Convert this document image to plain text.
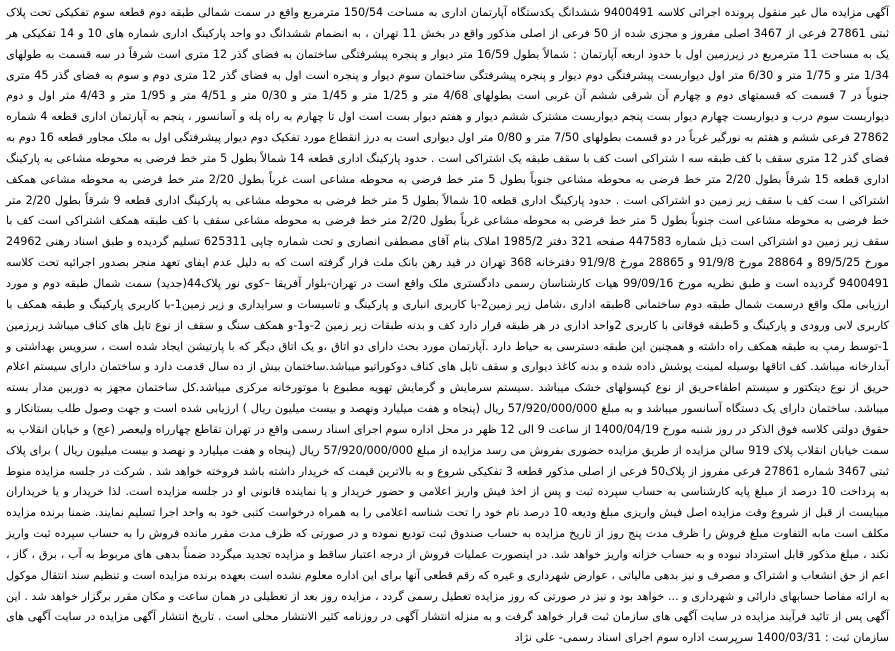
آگهی مزایده مال غیر منقول پرونده اجرائی کلاسه 9400491 ششدانگ یکدستگاه آپارتمان اداری به مساحت 150/54 مترمربع واقع در سمت شمالی طبقه دوم قطعه سوم تفکیکی تحت پلاک ثبتی 27861 فرعی از 3467 اصلی مفروز و مجزی شده از 50 فرعی از اصلی مذکور واقع در بخش 11 تهران ، به انضمام ششدانگ دو واحد پارکینگ اداری شماره های 10 و 14 تفکیکی هر یک به مساحت 11 مترمربع در زیرزمین اول با حدود اربعه آپارتمان : شمالاً بطول 16/59 متر دیوار و پنجره پیشرفتگی ساختمان به فضای گذر 12 متری است شرقاً در سه قسمت به طولهای 1/34 متر و 1/75 متر و 6/30 متر اول دیواربست پیشرفتگی دوم دیوار و پنجره پیشرفتگی ساختمان سوم دیوار و پنجره است اول به فضای گذر 12 متری دوم و سوم به فضای گذر 45 متری جنوباً در 7 قسمت که قسمتهای دوم و چهارم آن شرقی ششم آن غربی است بطولهای 4/68 متر و 1/25 متر و 1/45 متر و 0/30 متر و 4/51 متر و 1/95 متر و 4/43 متر اول و دوم دیواربست سوم درب و دیواربست چهارم دیوار بست پنجم دیواربست مشترک ششم دیوار و هفتم دیوار بست است اول تا چهارم به راه پله و آسانسور ، پنجم به آپارتمان اداری قطعه 4 شماره 27862 فرعی ششم و هفتم به نورگیر غرباً در دو قسمت بطولهای 7/50 متر و 0/80 متر اول دیواری است به درز انقطاع مورد تفکیک دوم دیوار پیشرفتگی اول به ملک مجاور قطعه 16 دوم به فضای گذر 12 متری سقف با کف طبقه سه ا شتراکی است کف با سقف طبقه یک اشتراکی است . حدود پارکینگ اداری قطعه 14 شمالاً بطول 5 متر خط فرضی به محوطه مشاعی به پارکینگ اداری قطعه 15 شرقاً بطول 2/20 متر خط فرضی به محوطه مشاعی جنوباً بطول 5 متر خط فرضی به محوطه مشاعی است غرباً بطول 2/20 متر خط فرضی به محوطه مشاعی همکف اشتراکی ا ست کف با سقف زیر زمین دو اشتراکی است . حدود پارکینگ اداری قطعه 10 شمالاً بطول 5 متر خط فرضی به محوطه مشاعی به پارکینگ اداری قطعه 9 شرقاً بطول 2/20 متر خط فرضی به محوطه مشاعی است جنوباً بطول 5 متر خط فرضی به محوطه مشاعی غرباً بطول 2/20 متر خط فرضی به محوطه مشاعی سقف با کف طبقه همکف اشتراکی است کف با سقف زیر زمین دو اشتراکی است ذیل شماره 447583 صفحه 321 دفتر 1985/2 املاک بنام آقای مصطفی انصاری و تحت شماره چاپی 625311 تسلیم گردیده و طبق اسناد رهنی 24962 مورخ 89/5/25 و 28864 مورخ 91/9/8 و 28865 مورخ 91/9/8 دفترخانه 368 تهران در قید رهن بانک ملت قرار گرفته است که به دلیل عدم ایفای تعهد منجر بصدور اجرائیه تحت کلاسه 9400491 گردیده است و طبق نظریه مورخ 99/09/16 هیات کارشناسان رسمی دادگستری ملک واقع است در تهران-بلوار آفریقا –کوی نور پلاک44(جدید) سمت شمال طبقه دوم و مورد ارزیابی ملک واقع درسمت شمال طبقه دوم ساختمانی 8طبقه اداری ،شامل زیر زمین2-با کاربری انباری و پارکینگ و تاسیسات و سرایداری و زیر زمین1-با کاربری پارکینگ و طبقه همکف با کاربری لابی ورودی و پارکینگ و 5طبقه فوقانی با کاربری 2واحد اداری در هر طبقه قرار دارد کف و بدنه طبقات زیر زمین 2-و1-و همکف سنگ و سقف از نوع تایل های کناف میباشد زیرزمین 1-توسط رمپ به طبقه همکف راه داشته و همچنین این طبقه دسترسی به حیاط دارد .آپارتمان مورد بحث دارای دو اتاق ،و یک اتاق دیگر که با پارتیشن ایجاد شده است ، سرویس بهداشتی و آبدارخانه میباشد. کف اتاقها بوسیله لمینت پوشش داده شده و بدنه کاغذ دیواری و سقف تایل های کناف دوکوراتیو میباشد.ساختمان بیش از ده سال قدمت دارد و ساختمان دارای سیستم اعلام حریق از نوع دیتکتور و سیستم اطفاءحریق از نوع کپسولهای خشک میباشد .سیستم سرمایش و گرمایش تهویه مطبوع با موتورخانه مرکزی میباشد.کل ساختمان مجهز به دوربین مدار بسته میباشد. ساختمان دارای یک دستگاه آسانسور میباشد و به مبلغ 57/920/000/000 ریال (پنجاه و هفت میلیارد ونهصد و بیست میلیون ریال ) ارزیابی شده است و جهت وصول طلب بستانکار و حقوق دولتی کلاسه فوق الذکر در روز شنبه مورخ 1400/04/19 از ساعت 9 الی 12 ظهر در محل اداره سوم اجرای اسناد رسمی واقع در تهران تقاطع چهارراه ولیعصر (عج) و خیابان انقلاب به سمت خیابان انقلاب پلاک 919 سالن مزایده از طریق مزایده حضوری بفروش می رسد مزایده از مبلغ 57/920/000/000 ریال (پنجاه و هفت میلیارد و نهصد و بیست میلیون ریال ) برای پلاک ثبتی 3467 شماره 27861 فرعی مفروز از پلاک50 فرعی از اصلی مذکور قطعه 3 تفکیکی شروع و به بالاترین قیمت که خریدار داشته باشد فروخته خواهد شد . شرکت در جلسه مزایده منوط به پرداخت 10 درصد از مبلغ پایه کارشناسی به حساب سپرده ثبت و پس از اخذ فیش واریز اعلامی و حضور خریدار و یا نماینده قانونی او در جلسه مزایده است. لذا خریدار و یا خریداران میبایست از قبل از شروع وقت مزایده اصل فیش واریزی مبلغ ودیعه 10 درصد نام خود را تحت شناسه اعلامی را به همراه درخواست کتبی خود به واحد اجرا تسلیم نمایند. ضمنا برنده مزایده مکلف است مابه التفاوت مبلغ فروش را ظرف مدت پنج روز از تاریخ مزایده به حساب صندوق ثبت تودیع نموده و در صورتی که ظرف مدت مقرر مانده فروش را به حساب سپرده ثبت واریز نکند ، مبلغ مذکور قابل استرداد نبوده و به حساب خزانه واریز خواهد شد. در اینصورت عملیات فروش از درجه اعتبار ساقط و مزایده تجدید میگردد ضمناً بدهی های مربوط به آب ، برق ، گاز ، اعم از حق انشعاب و اشتراک و مصرف و نیز بدهی مالیاتی ، عوارض شهرداری و غیره که رقم قطعی آنها برای این اداره معلوم نشده است بعهده برنده مزایده است و تنظیم سند انتقال موکول به ارائه مفاصا حسابهای دارائی و شهرداری و ... خواهد بود و نیز در صورتی که روز مزایده تعطیل رسمی گردد ، مزایده روز بعد از تعطیلی در همان ساعت و مکان مقرر برگزار خواهد شد . این آگهی پس از تائید فرآیند مزایده در سایت آگهی های سازمان ثبت قرار خواهد گرفت و به منزله انتشار آگهی در روزنامه کثیر الانتشار محلی است . تاریخ انتشار آگهی مزایده در سایت آگهی های سازمان ثبت : 1400/03/31 سرپرست اداره سوم اجرای اسناد رسمی- علی نژاد
